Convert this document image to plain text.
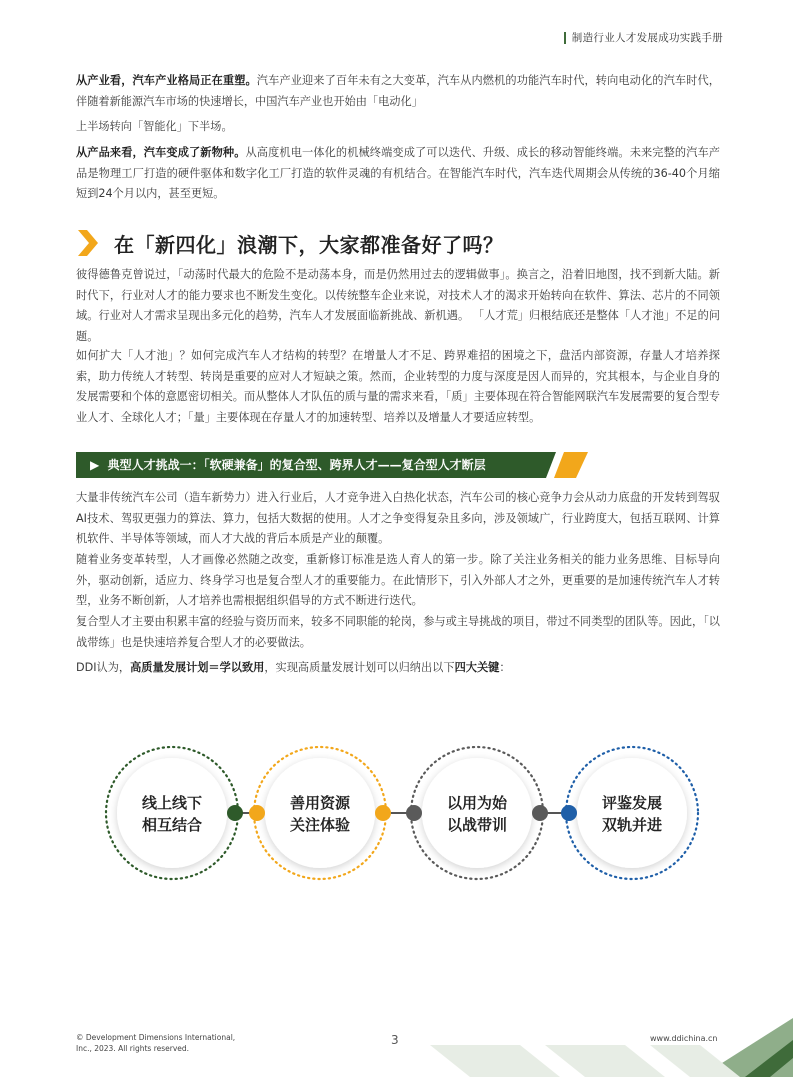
制造行业人才发展成功实践手册

从产业看，汽车产业格局正在重塑。汽车产业迎来了百年未有之大变革，汽车从内燃机的功能汽车时代，转向电动化的汽车时代，伴随着新能源汽车市场的快速增长，中国汽车产业也开始由「电动化」

上半场转向「智能化」下半场。

从产品来看，汽车变成了新物种。从高度机电一体化的机械终端变成了可以迭代、升级、成长的移动智能终端。未来完整的汽车产品是物理工厂打造的硬件驱体和数字化工厂打造的软件灵魂的有机结合。在智能汽车时代，汽车迭代周期会从传统的36-40个月缩短到24个月以内，甚至更短。

在「新四化」浪潮下，大家都准备好了吗？

彼得德鲁克曾说过，「动荡时代最大的危险不是动荡本身，而是仍然用过去的逻辑做事」。换言之，沿着旧地图，找不到新大陆。新时代下，行业对人才的能力要求也不断发生变化。以传统整车企业来说，对技术人才的渴求开始转向在软件、算法、芯片的不同领域。行业对人才需求呈现出多元化的趋势，汽车人才发展面临新挑战、新机遇。 「人才荒」归根结底还是整体「人才池」不足的问题。

如何扩大「人才池」？如何完成汽车人才结构的转型？在增量人才不足、跨界难招的困境之下，盘活内部资源，存量人才培养探索，助力传统人才转型、转岗是重要的应对人才短缺之策。然而，企业转型的力度与深度是因人而异的，究其根本，与企业自身的发展需要和个体的意愿密切相关。而从整体人才队伍的质与量的需求来看，「质」主要体现在符合智能网联汽车发展需要的复合型专业人才、全球化人才；「量」主要体现在存量人才的加速转型、培养以及增量人才要适应转型。

▶  典型人才挑战一：「软硬兼备」的复合型、跨界人才——复合型人才断层

大量非传统汽车公司（造车新势力）进入行业后，人才竞争进入白热化状态，汽车公司的核心竞争力会从动力底盘的开发转到驾驭AI技术、驾驭更强力的算法、算力，包括大数据的使用。人才之争变得复杂且多向，涉及领域广，行业跨度大，包括互联网、计算机软件、半导体等领域，而人才大战的背后本质是产业的颠覆。

随着业务变革转型，人才画像必然随之改变，重新修订标准是选人育人的第一步。除了关注业务相关的能力业务思维、目标导向外，驱动创新，适应力、终身学习也是复合型人才的重要能力。在此情形下，引入外部人才之外，更重要的是加速传统汽车人才转型，业务不断创新，人才培养也需根据组织倡导的方式不断进行迭代。

复合型人才主要由积累丰富的经验与资历而来，较多不同职能的轮岗，参与或主导挑战的项目，带过不同类型的团队等。因此，「以战带练」也是快速培养复合型人才的必要做法。

DDI认为，高质量发展计划＝学以致用，实现高质量发展计划可以归纳出以下四大关键：

线上线下
相互结合
善用资源
关注体验
以用为始
以战带训
评鉴发展
双轨并进
© Development Dimensions International,
Inc., 2023. All rights reserved.
3	www.ddichina.cn
